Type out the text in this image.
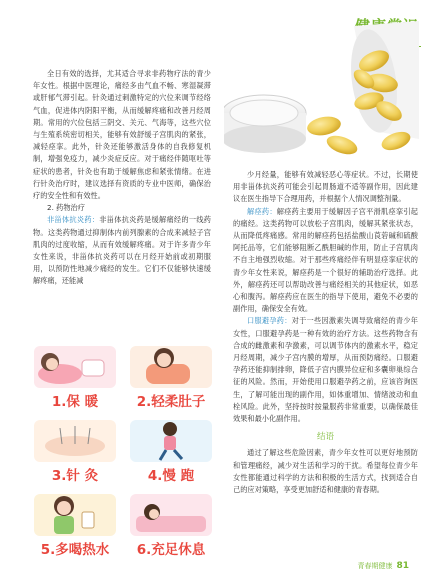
全日有效的选择，尤其适合寻求非药物疗法的青少年女性。根据中医理论，痛经多由气血不畅、寒湿凝滞或肝郁气滞引起。针灸通过刺激特定的穴位来调节经络气血，促进体内阴阳平衡，从而缓解疼痛和改善月经周期。常用的穴位包括三阴交、关元、气海等，这些穴位与生殖系统密切相关，能够有效舒缓子宫肌肉的紧张，减轻痉挛。此外，针灸还能够激活身体的自我修复机制，增强免疫力，减少炎症反应。对于痛经伴随呕吐等症状的患者，针灸也有助于缓解焦虑和紧张情绪。在进行针灸治疗时，建议选择有资质的专业中医师，确保治疗的安全性和有效性。

2. 药物治疗

非甾体抗炎药：非甾体抗炎药是缓解痛经的一线药物。这类药物通过抑制体内前列腺素的合成来减轻子宫肌肉的过度收缩，从而有效缓解疼痛。对于许多青少年女性来说，非甾体抗炎药可以在月经开始前或初期服用，以预防性地减少痛经的发生。它们不仅能够快速缓解疼痛，还能减

1.保 暖	2.轻柔肚子
3.针 灸	4.慢 跑
5.多喝热水	6.充足休息

少月经量，能够有效减轻恶心等症状。不过，长期使用非甾体抗炎药可能会引起胃肠道不适等副作用，因此建议在医生指导下合理用药，并根据个人情况调整剂量。

解痉药：解痉药主要用于缓解因子宫平滑肌痉挛引起的痛经。这类药物可以放松子宫肌肉，缓解其紧张状态，从而降低疼痛感。常用的解痉药包括盐酸山莨菪碱和硫酸阿托品等，它们能够阻断乙酰胆碱的作用，防止子宫肌肉不自主地强烈收缩。对于那些疼痛经伴有明显痉挛症状的青少年女性来说，解痉药是一个很好的辅助治疗选择。此外，解痉药还可以帮助改善与痛经相关的其他症状，如恶心和腹泻。解痉药应在医生的指导下使用，避免不必要的副作用，确保安全有效。

口服避孕药：对于一些因激素失调导致痛经的青少年女性，口服避孕药是一种有效的治疗方法。这些药物含有合成的雌激素和孕激素，可以调节体内的激素水平，稳定月经周期，减少子宫内膜的增厚，从而预防痛经。口服避孕药还能抑制排卵，降低子宫内膜异位症和多囊卵巢综合征的风险。然而，开始使用口服避孕药之前，应该咨询医生，了解可能出现的副作用，如体重增加、情绪波动和血栓风险。此外，坚持按时按量服药非常重要，以确保最佳效果和最小化副作用。

结语

通过了解这些危险因素，青少年女性可以更好地预防和管理痛经，减少对生活和学习的干扰。希望每位青少年女性都能通过科学的方法和积极的生活方式，找到适合自己的应对策略，享受更加舒适和健康的青春期。

青春期健康 81
